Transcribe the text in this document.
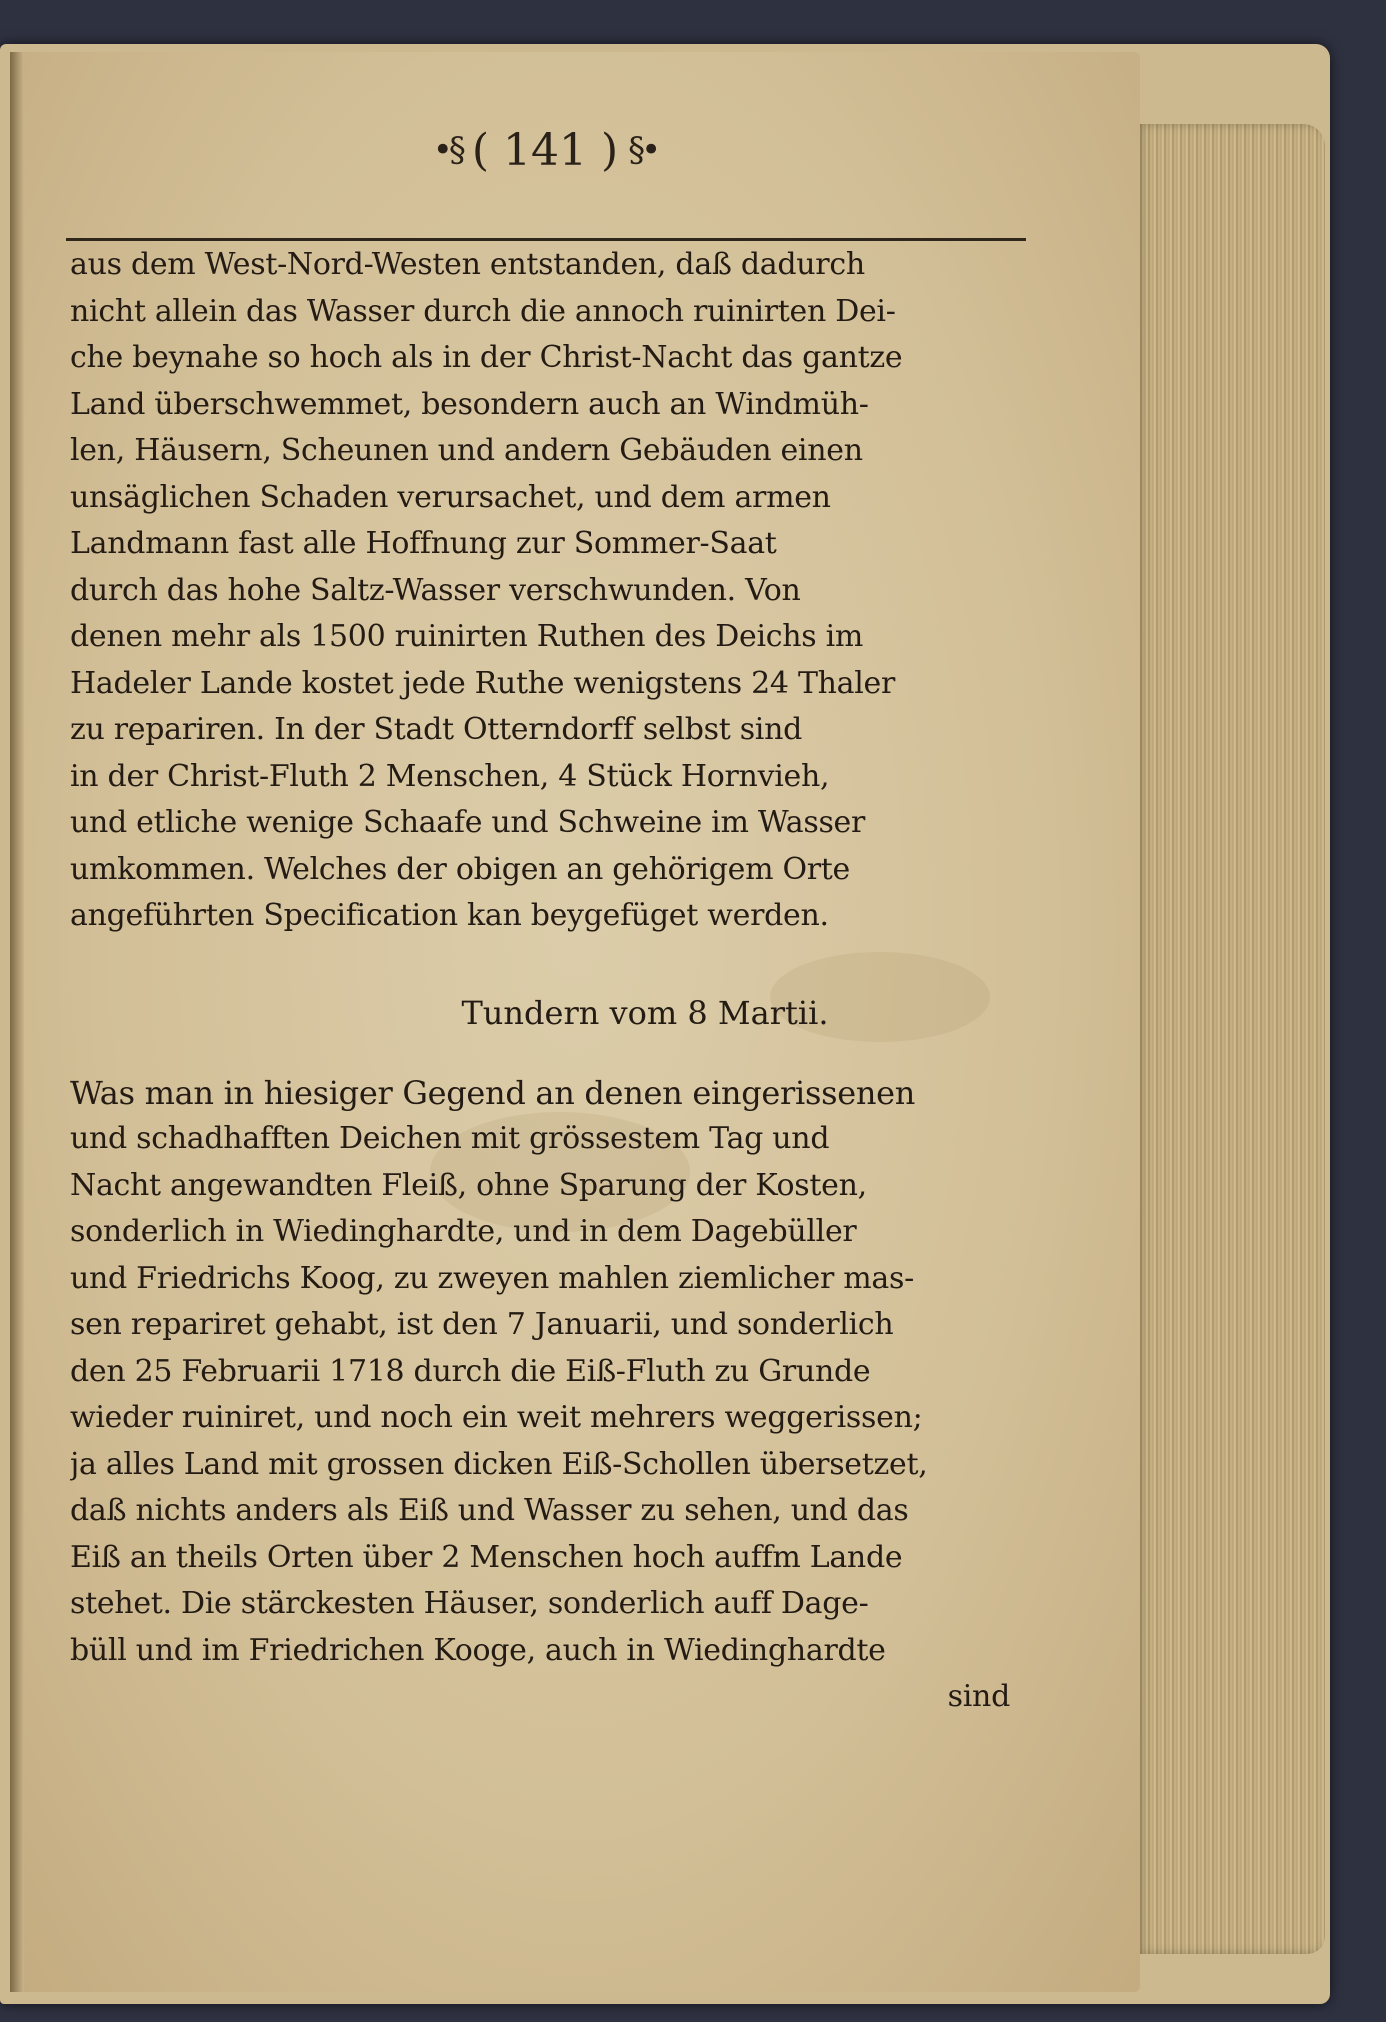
•§ ( 141 ) §•
aus dem West-Nord-Westen entstanden, daß dadurch
nicht allein das Wasser durch die annoch ruinirten Dei-
che beynahe so hoch als in der Christ-Nacht das gantze
Land überschwemmet, besondern auch an Windmüh-
len, Häusern, Scheunen und andern Gebäuden einen
unsäglichen Schaden verursachet, und dem armen
Landmann fast alle Hoffnung zur Sommer-Saat
durch das hohe Saltz-Wasser verschwunden. Von
denen mehr als 1500 ruinirten Ruthen des Deichs im
Hadeler Lande kostet jede Ruthe wenigstens 24 Thaler
zu repariren. In der Stadt Otterndorff selbst sind
in der Christ-Fluth 2 Menschen, 4 Stück Hornvieh,
und etliche wenige Schaafe und Schweine im Wasser
umkommen. Welches der obigen an gehörigem Orte
angeführten Specification kan beygefüget werden.
Tundern vom 8 Martii.
Was man in hiesiger Gegend an denen eingerissenen
und schadhafften Deichen mit grössestem Tag und
Nacht angewandten Fleiß, ohne Sparung der Kosten,
sonderlich in Wiedinghardte, und in dem Dagebüller
und Friedrichs Koog, zu zweyen mahlen ziemlicher mas-
sen repariret gehabt, ist den 7 Januarii, und sonderlich
den 25 Februarii 1718 durch die Eiß-Fluth zu Grunde
wieder ruiniret, und noch ein weit mehrers weggerissen;
ja alles Land mit grossen dicken Eiß-Schollen übersetzet,
daß nichts anders als Eiß und Wasser zu sehen, und das
Eiß an theils Orten über 2 Menschen hoch auffm Lande
stehet. Die stärckesten Häuser, sonderlich auff Dage-
büll und im Friedrichen Kooge, auch in Wiedinghardte
sind
